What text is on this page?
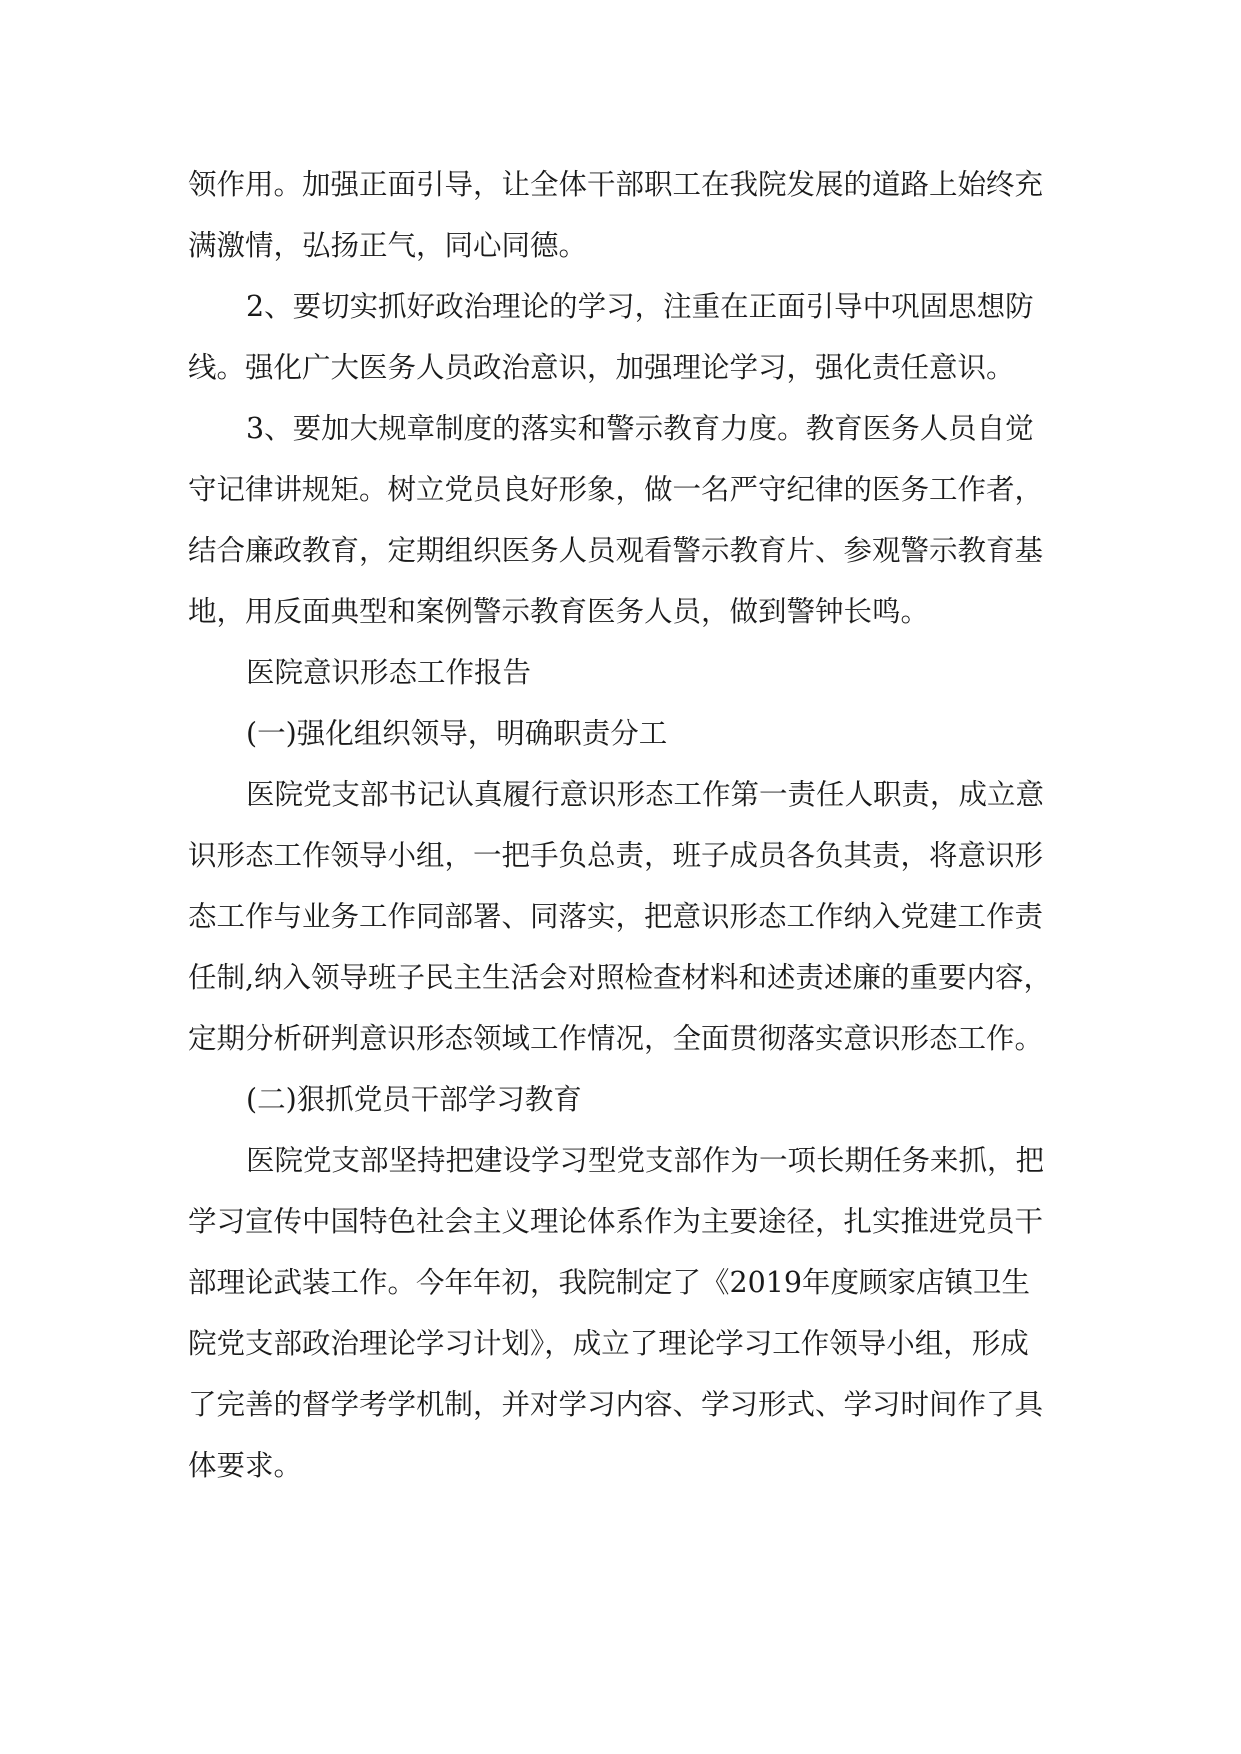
领作用。加强正面引导，让全体干部职工在我院发展的道路上始终充

满激情，弘扬正气，同心同德。

2、要切实抓好政治理论的学习，注重在正面引导中巩固思想防

线。强化广大医务人员政治意识，加强理论学习，强化责任意识。

3、要加大规章制度的落实和警示教育力度。教育医务人员自觉

守记律讲规矩。树立党员良好形象，做一名严守纪律的医务工作者，

结合廉政教育，定期组织医务人员观看警示教育片、参观警示教育基

地，用反面典型和案例警示教育医务人员，做到警钟长鸣。

医院意识形态工作报告

(一)强化组织领导，明确职责分工

医院党支部书记认真履行意识形态工作第一责任人职责，成立意

识形态工作领导小组，一把手负总责，班子成员各负其责，将意识形

态工作与业务工作同部署、同落实，把意识形态工作纳入党建工作责

任制,纳入领导班子民主生活会对照检查材料和述责述廉的重要内容，

定期分析研判意识形态领域工作情况，全面贯彻落实意识形态工作。

(二)狠抓党员干部学习教育

医院党支部坚持把建设学习型党支部作为一项长期任务来抓，把

学习宣传中国特色社会主义理论体系作为主要途径，扎实推进党员干

部理论武装工作。今年年初，我院制定了《2019年度顾家店镇卫生

院党支部政治理论学习计划》，成立了理论学习工作领导小组，形成

了完善的督学考学机制，并对学习内容、学习形式、学习时间作了具

体要求。
